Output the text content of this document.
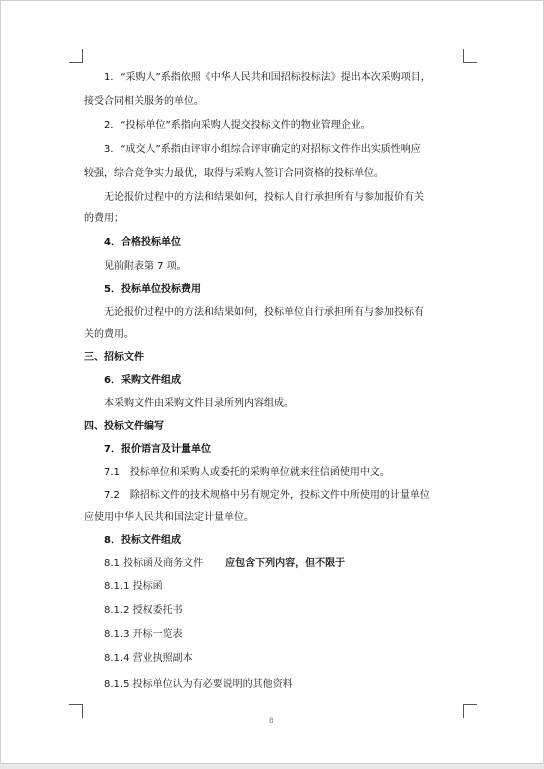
1．“采购人”系指依照《中华人民共和国招标投标法》提出本次采购项目，
接受合同相关服务的单位。
2．“投标单位”系指向采购人提交投标文件的物业管理企业。
3．“成交人”系指由评审小组综合评审确定的对招标文件作出实质性响应
较强，综合竞争实力最优，取得与采购人签订合同资格的投标单位。
无论报价过程中的方法和结果如何，投标人自行承担所有与参加报价有关
的费用；
4．合格投标单位
见前附表第 7 项。
5．投标单位投标费用
无论报价过程中的方法和结果如何，投标单位自行承担所有与参加投标有
关的费用。
三、招标文件
6．采购文件组成
本采购文件由采购文件目录所列内容组成。
四、投标文件编写
7．报价语言及计量单位
7.1　投标单位和采购人或委托的采购单位就来往信函使用中文。
7.2　除招标文件的技术规格中另有规定外，投标文件中所使用的计量单位
应使用中华人民共和国法定计量单位。
8．投标文件组成
8.1 投标函及商务文件 应包含下列内容，但不限于
8.1.1 投标函
8.1.2 授权委托书
8.1.3 开标一览表
8.1.4 营业执照副本
8.1.5 投标单位认为有必要说明的其他资料
8
